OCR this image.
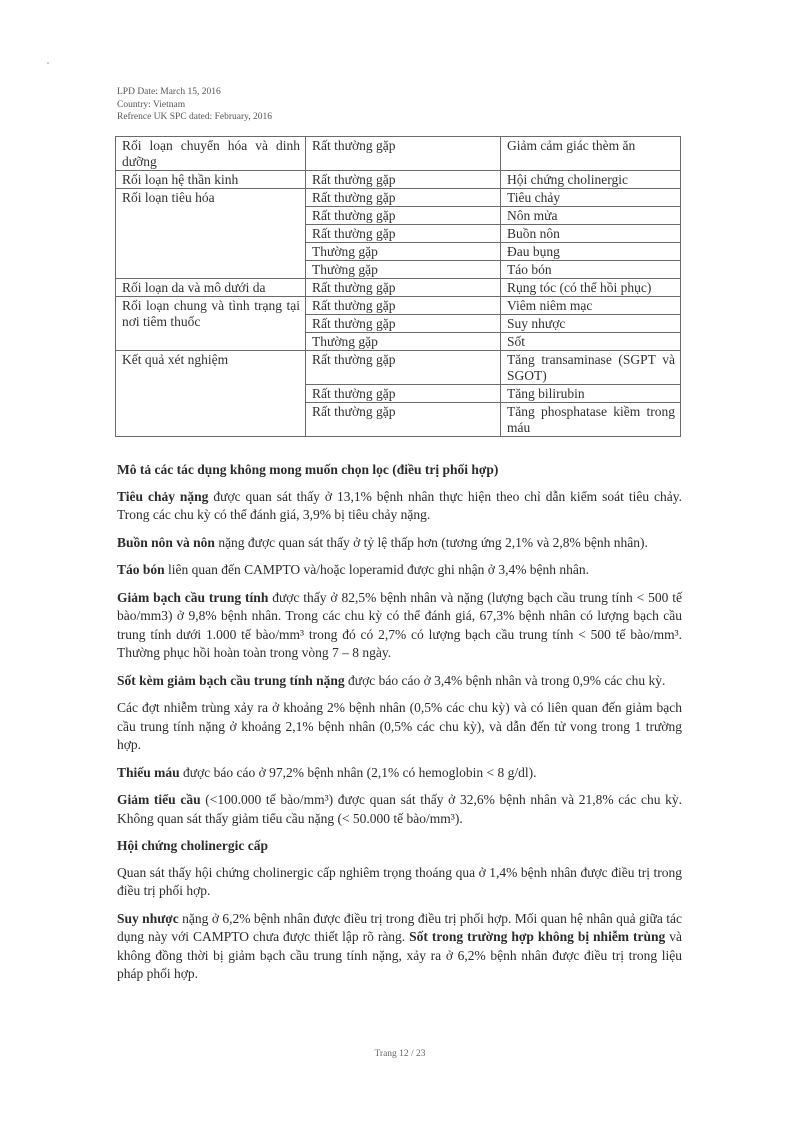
LPD Date: March 15, 2016
Country: Vietnam
Refrence UK SPC dated: February, 2016
Rối loạn chuyển hóa và dinh dưỡng	Rất thường gặp	Giảm cảm giác thèm ăn
Rối loạn hệ thần kinh	Rất thường gặp	Hội chứng cholinergic
Rối loạn tiêu hóa	Rất thường gặp	Tiêu chảy
	Rất thường gặp	Nôn mửa
	Rất thường gặp	Buồn nôn
	Thường gặp	Đau bụng
	Thường gặp	Táo bón
Rối loạn da và mô dưới da	Rất thường gặp	Rụng tóc (có thể hồi phục)
Rối loạn chung và tình trạng tại nơi tiêm thuốc	Rất thường gặp	Viêm niêm mạc
	Rất thường gặp	Suy nhược
	Thường gặp	Sốt
Kết quả xét nghiệm	Rất thường gặp	Tăng transaminase (SGPT và SGOT)
	Rất thường gặp	Tăng bilirubin
	Rất thường gặp	Tăng phosphatase kiềm trong máu
Mô tả các tác dụng không mong muốn chọn lọc (điều trị phối hợp)

Tiêu chảy nặng được quan sát thấy ở 13,1% bệnh nhân thực hiện theo chỉ dẫn kiểm soát tiêu chảy. Trong các chu kỳ có thể đánh giá, 3,9% bị tiêu chảy nặng.

Buồn nôn và nôn nặng được quan sát thấy ở tỷ lệ thấp hơn (tương ứng 2,1% và 2,8% bệnh nhân).

Táo bón liên quan đến CAMPTO và/hoặc loperamid được ghi nhận ở 3,4% bệnh nhân.

Giảm bạch cầu trung tính được thấy ở 82,5% bệnh nhân và nặng (lượng bạch cầu trung tính < 500 tế bào/mm3) ở 9,8% bệnh nhân. Trong các chu kỳ có thể đánh giá, 67,3% bệnh nhân có lượng bạch cầu trung tính dưới 1.000 tế bào/mm³ trong đó có 2,7% có lượng bạch cầu trung tính < 500 tế bào/mm³. Thường phục hồi hoàn toàn trong vòng 7 – 8 ngày.

Sốt kèm giảm bạch cầu trung tính nặng được báo cáo ở 3,4% bệnh nhân và trong 0,9% các chu kỳ.

Các đợt nhiễm trùng xảy ra ở khoảng 2% bệnh nhân (0,5% các chu kỳ) và có liên quan đến giảm bạch cầu trung tính nặng ở khoảng 2,1% bệnh nhân (0,5% các chu kỳ), và dẫn đến tử vong trong 1 trường hợp.

Thiếu máu được báo cáo ở 97,2% bệnh nhân (2,1% có hemoglobin < 8 g/dl).

Giảm tiểu cầu (<100.000 tế bào/mm³) được quan sát thấy ở 32,6% bệnh nhân và 21,8% các chu kỳ. Không quan sát thấy giảm tiểu cầu nặng (< 50.000 tế bào/mm³).

Hội chứng cholinergic cấp

Quan sát thấy hội chứng cholinergic cấp nghiêm trọng thoáng qua ở 1,4% bệnh nhân được điều trị trong điều trị phối hợp.

Suy nhược nặng ở 6,2% bệnh nhân được điều trị trong điều trị phối hợp. Mối quan hệ nhân quả giữa tác dụng này với CAMPTO chưa được thiết lập rõ ràng. Sốt trong trường hợp không bị nhiễm trùng và không đồng thời bị giảm bạch cầu trung tính nặng, xảy ra ở 6,2% bệnh nhân được điều trị trong liệu pháp phối hợp.

Trang 12 / 23
